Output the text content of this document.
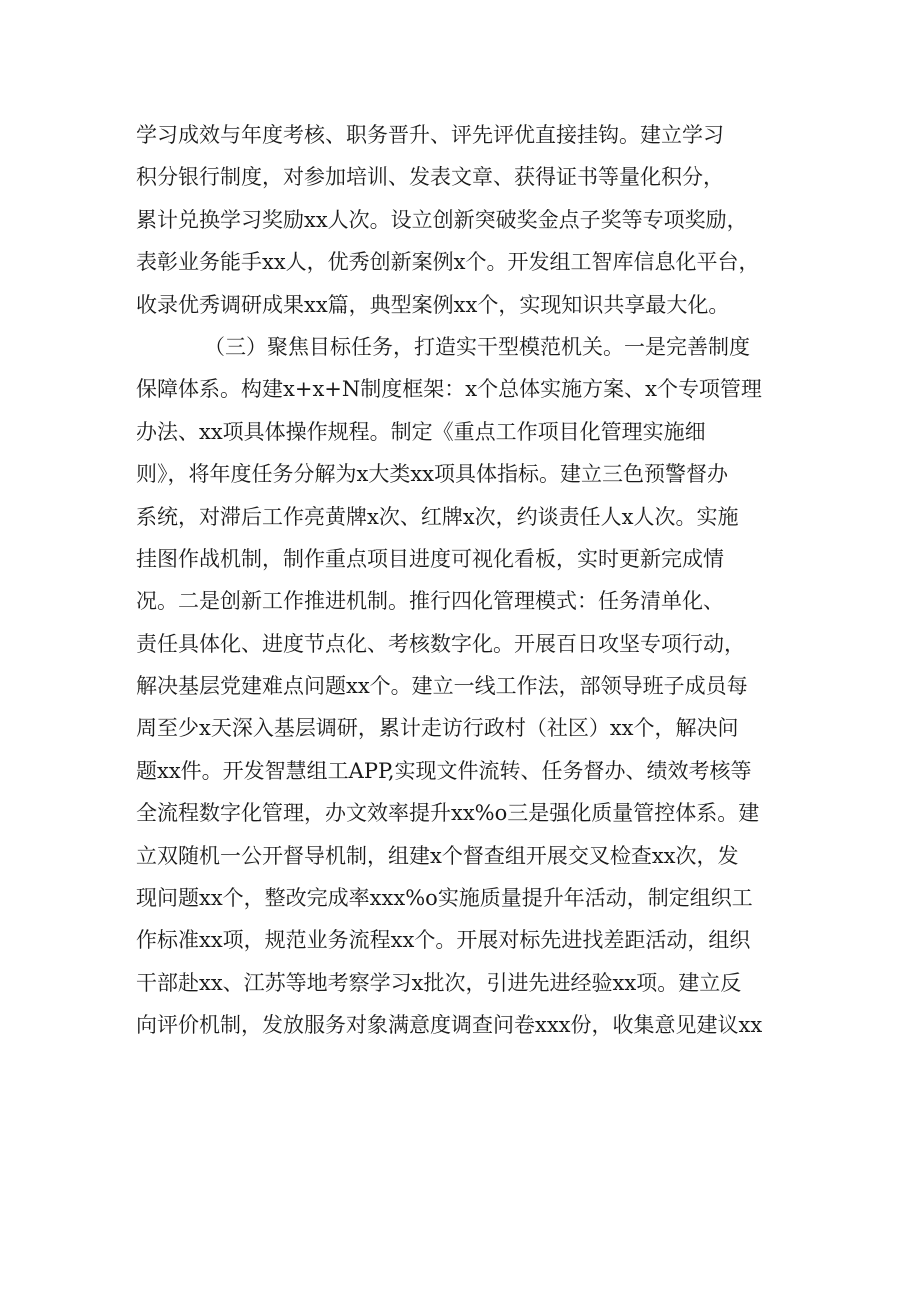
学习成效与年度考核、职务晋升、评先评优直接挂钩。建立学习
积分银行制度，对参加培训、发表文章、获得证书等量化积分，
累计兑换学习奖励xx人次。设立创新突破奖金点子奖等专项奖励，
表彰业务能手xx人，优秀创新案例x个。开发组工智库信息化平台，
收录优秀调研成果xx篇，典型案例xx个，实现知识共享最大化。
（三）聚焦目标任务，打造实干型模范机关。一是完善制度
保障体系。构建x+x+N制度框架：x个总体实施方案、x个专项管理
办法、xx项具体操作规程。制定《重点工作项目化管理实施细
则》，将年度任务分解为x大类xx项具体指标。建立三色预警督办
系统，对滞后工作亮黄牌x次、红牌x次，约谈责任人x人次。实施
挂图作战机制，制作重点项目进度可视化看板，实时更新完成情
况。二是创新工作推进机制。推行四化管理模式：任务清单化、
责任具体化、进度节点化、考核数字化。开展百日攻坚专项行动，
解决基层党建难点问题xx个。建立一线工作法，部领导班子成员每
周至少x天深入基层调研，累计走访行政村（社区）xx个，解决问
题xx件。开发智慧组工APP,实现文件流转、任务督办、绩效考核等
全流程数字化管理，办文效率提升xx%o三是强化质量管控体系。建
立双随机一公开督导机制，组建x个督查组开展交叉检查xx次，发
现问题xx个，整改完成率xxx%o实施质量提升年活动，制定组织工
作标准xx项，规范业务流程xx个。开展对标先进找差距活动，组织
干部赴xx、江苏等地考察学习x批次，引进先进经验xx项。建立反
向评价机制，发放服务对象满意度调查问卷xxx份，收集意见建议xx
